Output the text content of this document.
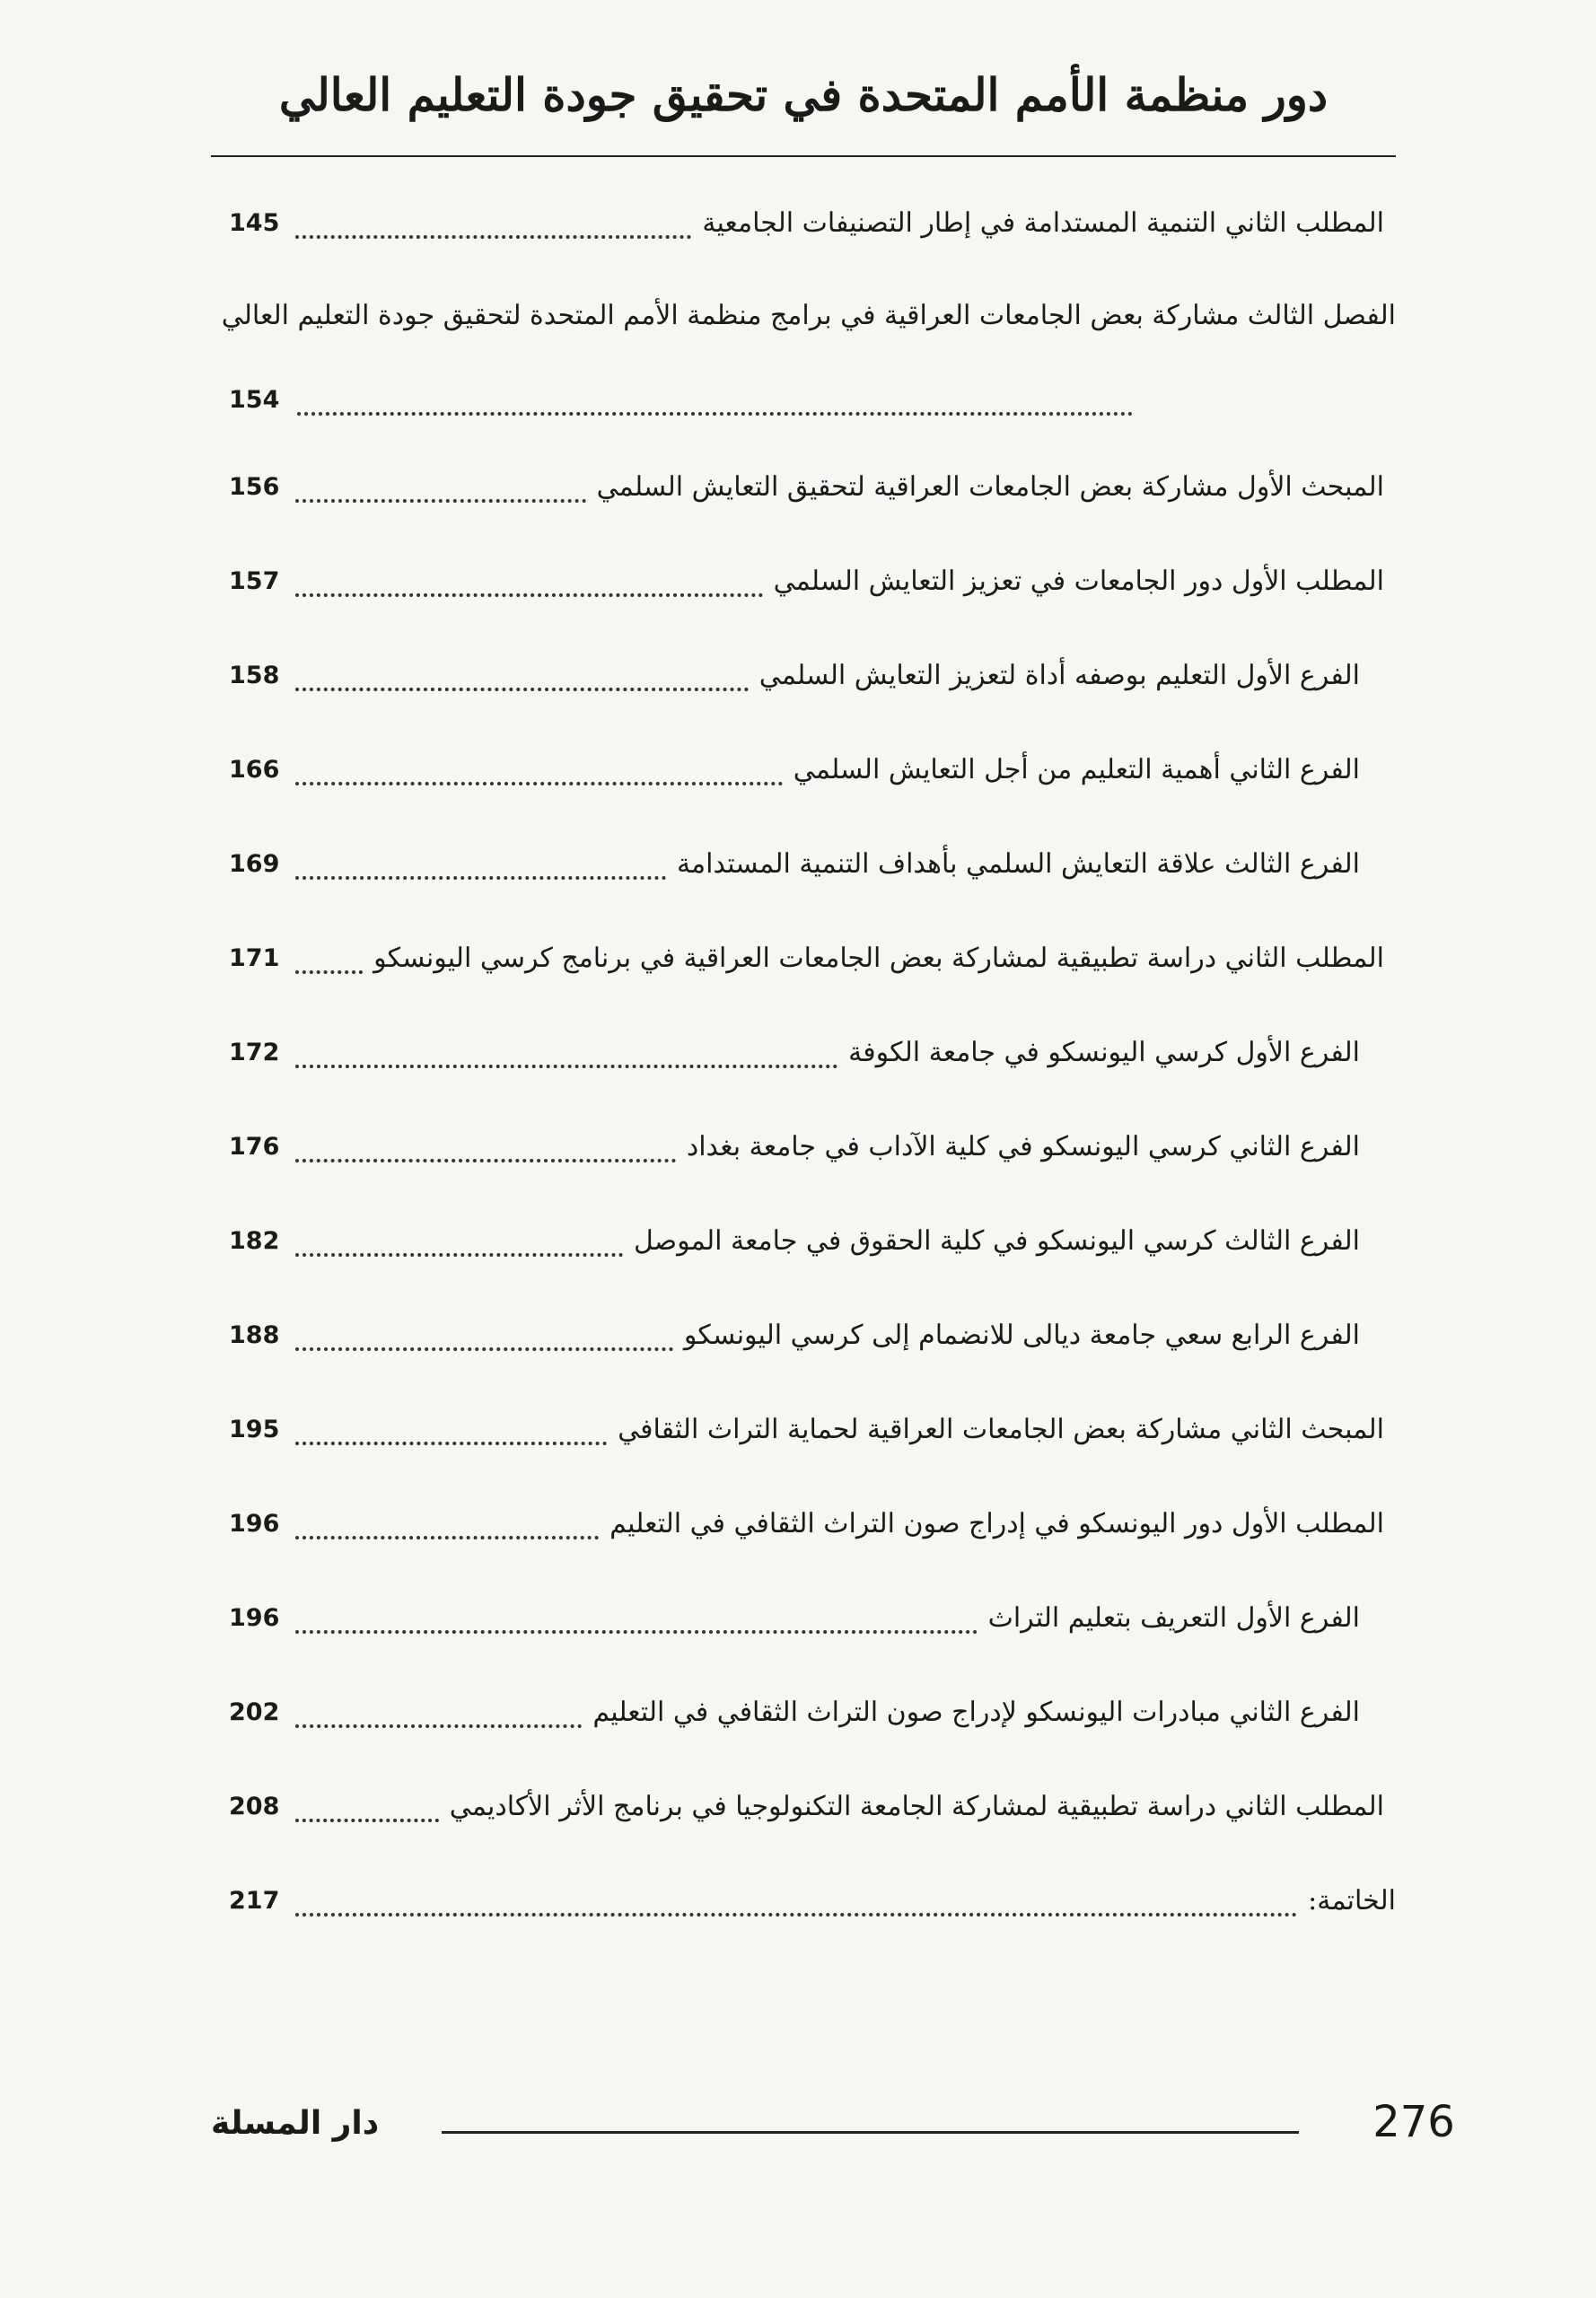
دور منظمة الأمم المتحدة في تحقيق جودة التعليم العالي
المطلب الثاني التنمية المستدامة في إطار التصنيفات الجامعية
145
الفصل الثالث مشاركة بعض الجامعات العراقية في برامج منظمة الأمم المتحدة لتحقيق جودة التعليم العالي
154
المبحث الأول مشاركة بعض الجامعات العراقية لتحقيق التعايش السلمي
156
المطلب الأول دور الجامعات في تعزيز التعايش السلمي
157
الفرع الأول التعليم بوصفه أداة لتعزيز التعايش السلمي
158
الفرع الثاني أهمية التعليم من أجل التعايش السلمي
166
الفرع الثالث علاقة التعايش السلمي بأهداف التنمية المستدامة
169
المطلب الثاني دراسة تطبيقية لمشاركة بعض الجامعات العراقية في برنامج كرسي اليونسكو
171
الفرع الأول كرسي اليونسكو في جامعة الكوفة
172
الفرع الثاني كرسي اليونسكو في كلية الآداب في جامعة بغداد
176
الفرع الثالث كرسي اليونسكو في كلية الحقوق في جامعة الموصل
182
الفرع الرابع سعي جامعة ديالى للانضمام إلى كرسي اليونسكو
188
المبحث الثاني مشاركة بعض الجامعات العراقية لحماية التراث الثقافي
195
المطلب الأول دور اليونسكو في إدراج صون التراث الثقافي في التعليم
196
الفرع الأول التعريف بتعليم التراث
196
الفرع الثاني مبادرات اليونسكو لإدراج صون التراث الثقافي في التعليم
202
المطلب الثاني دراسة تطبيقية لمشاركة الجامعة التكنولوجيا في برنامج الأثر الأكاديمي
208
الخاتمة:
217
دار المسلة	276
